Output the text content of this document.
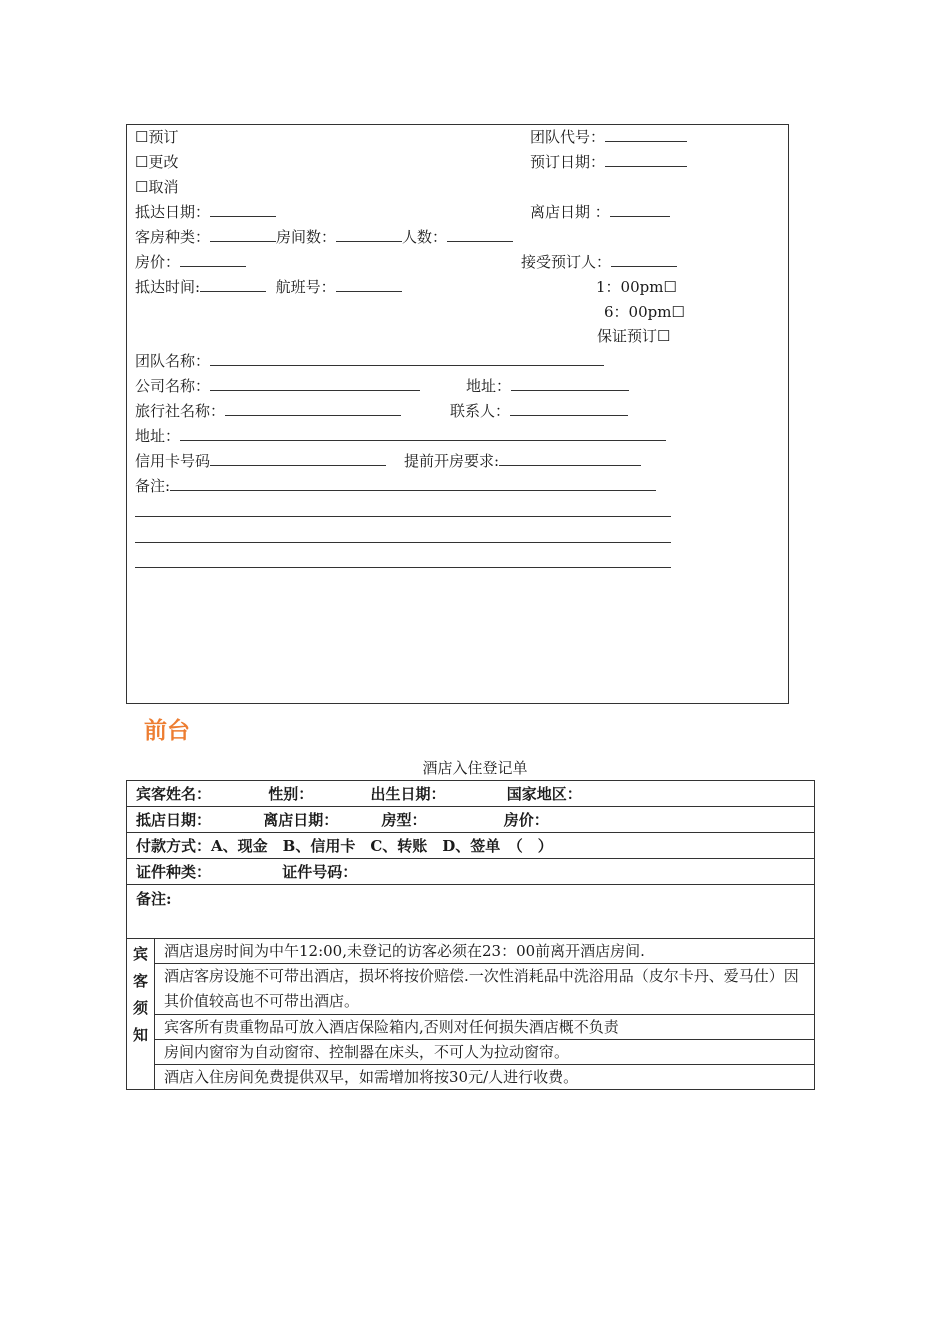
☐预订
☐更改
☐取消
团队代号：
预订日期：
抵达日期：	离店日期 ：
客房种类：	房间数：	人数：
房价：	接受预订人：
抵达时间:	航班号：	1：00pm☐
6：00pm☐
保证预订☐
团队名称：
公司名称：	地址：
旅行社名称：	联系人：
地址：
信用卡号码	提前开房要求:
备注:
前台
酒店入住登记单
宾客姓名：	性别：	出生日期：	国家地区：
抵店日期：	离店日期：	房型：	房价：
付款方式：A、现金　B、信用卡　C、转账　D、签单　（　）
证件种类：	证件号码：
备注:

宾
客
须
知
	酒店退房时间为中午12:00,未登记的访客必须在23：00前离开酒店房间.
酒店客房设施不可带出酒店，损坏将按价赔偿.一次性消耗品中洗浴用品（皮尔卡丹、爱马仕）因其价值较高也不可带出酒店。
宾客所有贵重物品可放入酒店保险箱内,否则对任何损失酒店概不负责
房间内窗帘为自动窗帘、控制器在床头，不可人为拉动窗帘。
酒店入住房间免费提供双早，如需增加将按30元/人进行收费。
